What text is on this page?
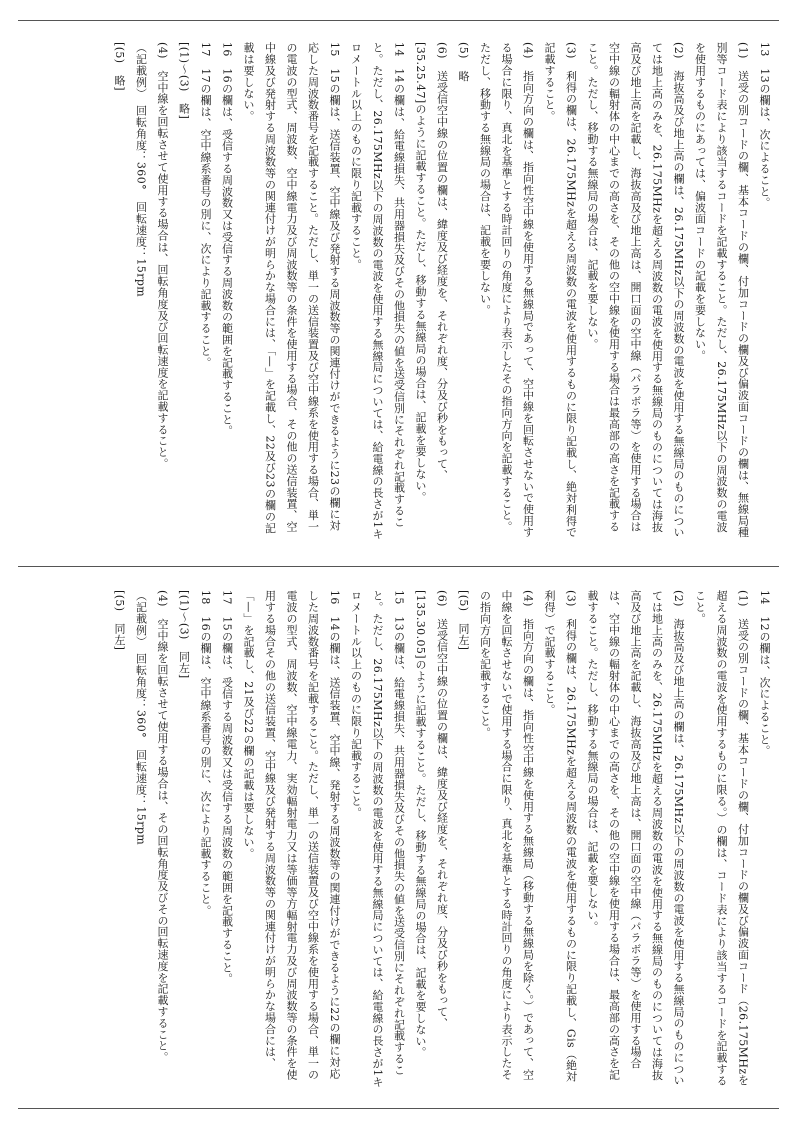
13　13の欄は、次によること。

(1)　送受の別コードの欄、基本コードの欄、付加コードの欄及び偏波面コードの欄は、無線局種別等コード表により該当するコードを記載すること。ただし、26.175MHz以下の周波数の電波を使用するものにあっては、偏波面コードの記載を要しない。

(2)　海抜高及び地上高の欄は、26.175MHz以下の周波数の電波を使用する無線局のものについては地上高のみを、26.175MHzを超える周波数の電波を使用する無線局のものについては海抜高及び地上高を記載し、海抜高及び地上高は、開口面の空中線（パラボラ等）を使用する場合は空中線の輻射体の中心までの高さを、その他の空中線を使用する場合は最高部の高さを記載すること。ただし、移動する無線局の場合は、記載を要しない。

(3)　利得の欄は、26.175MHzを超える周波数の電波を使用するものに限り記載し、絶対利得で記載すること。

(4)　指向方向の欄は、指向性空中線を使用する無線局であって、空中線を回転させないで使用する場合に限り、真北を基準とする時計回りの角度により表示したその指向方向を記載すること。ただし、移動する無線局の場合は、記載を要しない。

(5)　略

(6)　送受信空中線の位置の欄は、緯度及び経度を、それぞれ度、分及び秒をもって、[35.25.47]のように記載すること。ただし、移動する無線局の場合は、記載を要しない。

14　14の欄は、給電線損失、共用器損失及びその他損失の値を送受信別にそれぞれ記載すること。ただし、26.175MHz以下の周波数の電波を使用する無線局については、給電線の長さが1キロメートル以上のものに限り記載すること。

15　15の欄は、送信装置、空中線及び発射する周波数等の関連付けができるように23の欄に対応した周波数番号を記載すること。ただし、単一の送信装置及び空中線系を使用する場合、単一の電波の型式、周波数、空中線電力及び周波数等の条件を使用する場合、その他の送信装置、空中線及び発射する周波数等の関連付けが明らかな場合には、「—」を記載し、22及び23の欄の記載は要しない。

16　16の欄は、受信する周波数又は受信する周波数の範囲を記載すること。

17　17の欄は、空中線系番号の別に、次により記載すること。

[(1)〜(3)　略]

(4)　空中線を回転させて使用する場合は、回転角度及び回転速度を記載すること。

（記載例）　回転角度：360°　回転速度：15rpm

[(5)　略]

14　12の欄は、次によること。

(1)　送受の別コードの欄、基本コードの欄、付加コードの欄及び偏波面コード（26.175MHzを超える周波数の電波を使用するものに限る。）の欄は、コード表により該当するコードを記載すること。

(2)　海抜高及び地上高の欄は、26.175MHz以下の周波数の電波を使用する無線局のものについては地上高のみを、26.175MHzを超える周波数の電波を使用する無線局のものについては海抜高及び地上高を記載し、海抜高及び地上高は、開口面の空中線（パラボラ等）を使用する場合は、空中線の輻射体の中心までの高さを、その他の空中線を使用する場合は、最高部の高さを記載すること。ただし、移動する無線局の場合は、記載を要しない。

(3)　利得の欄は、26.175MHzを超える周波数の電波を使用するものに限り記載し、Gis（絶対利得）で記載すること。

(4)　指向方向の欄は、指向性空中線を使用する無線局（移動する無線局を除く。）であって、空中線を回転させないで使用する場合に限り、真北を基準とする時計回りの角度により表示したその指向方向を記載すること。

[(5)　同左]

(6)　送受信空中線の位置の欄は、緯度及び経度を、それぞれ度、分及び秒をもって、[135.30.05]のように記載すること。ただし、移動する無線局の場合は、記載を要しない。

15　13の欄は、給電線損失、共用器損失及びその他損失の値を送受信別にそれぞれ記載すること。ただし、26.175MHz以下の周波数の電波を使用する無線局については、給電線の長さが1キロメートル以上のものに限り記載すること。

16　14の欄は、送信装置、空中線、発射する周波数等の関連付けができるように22の欄に対応した周波数番号を記載すること。ただし、単一の送信装置及び空中線系を使用する場合、単一の電波の型式、周波数、空中線電力、実効輻射電力又は等価等方輻射電力及び周波数等の条件を使用する場合その他の送信装置、空中線及び発射する周波数等の関連付けが明らかな場合には、「—」を記載し、21及び22の欄の記載は要しない。

17　15の欄は、受信する周波数又は受信する周波数の範囲を記載すること。

18　16の欄は、空中線系番号の別に、次により記載すること。

[(1)〜(3)　同左]

(4)　空中線を回転させて使用する場合は、その回転角度及びその回転速度を記載すること。

（記載例）　回転角度：360°　回転速度：15rpm

[(5)　同左]
